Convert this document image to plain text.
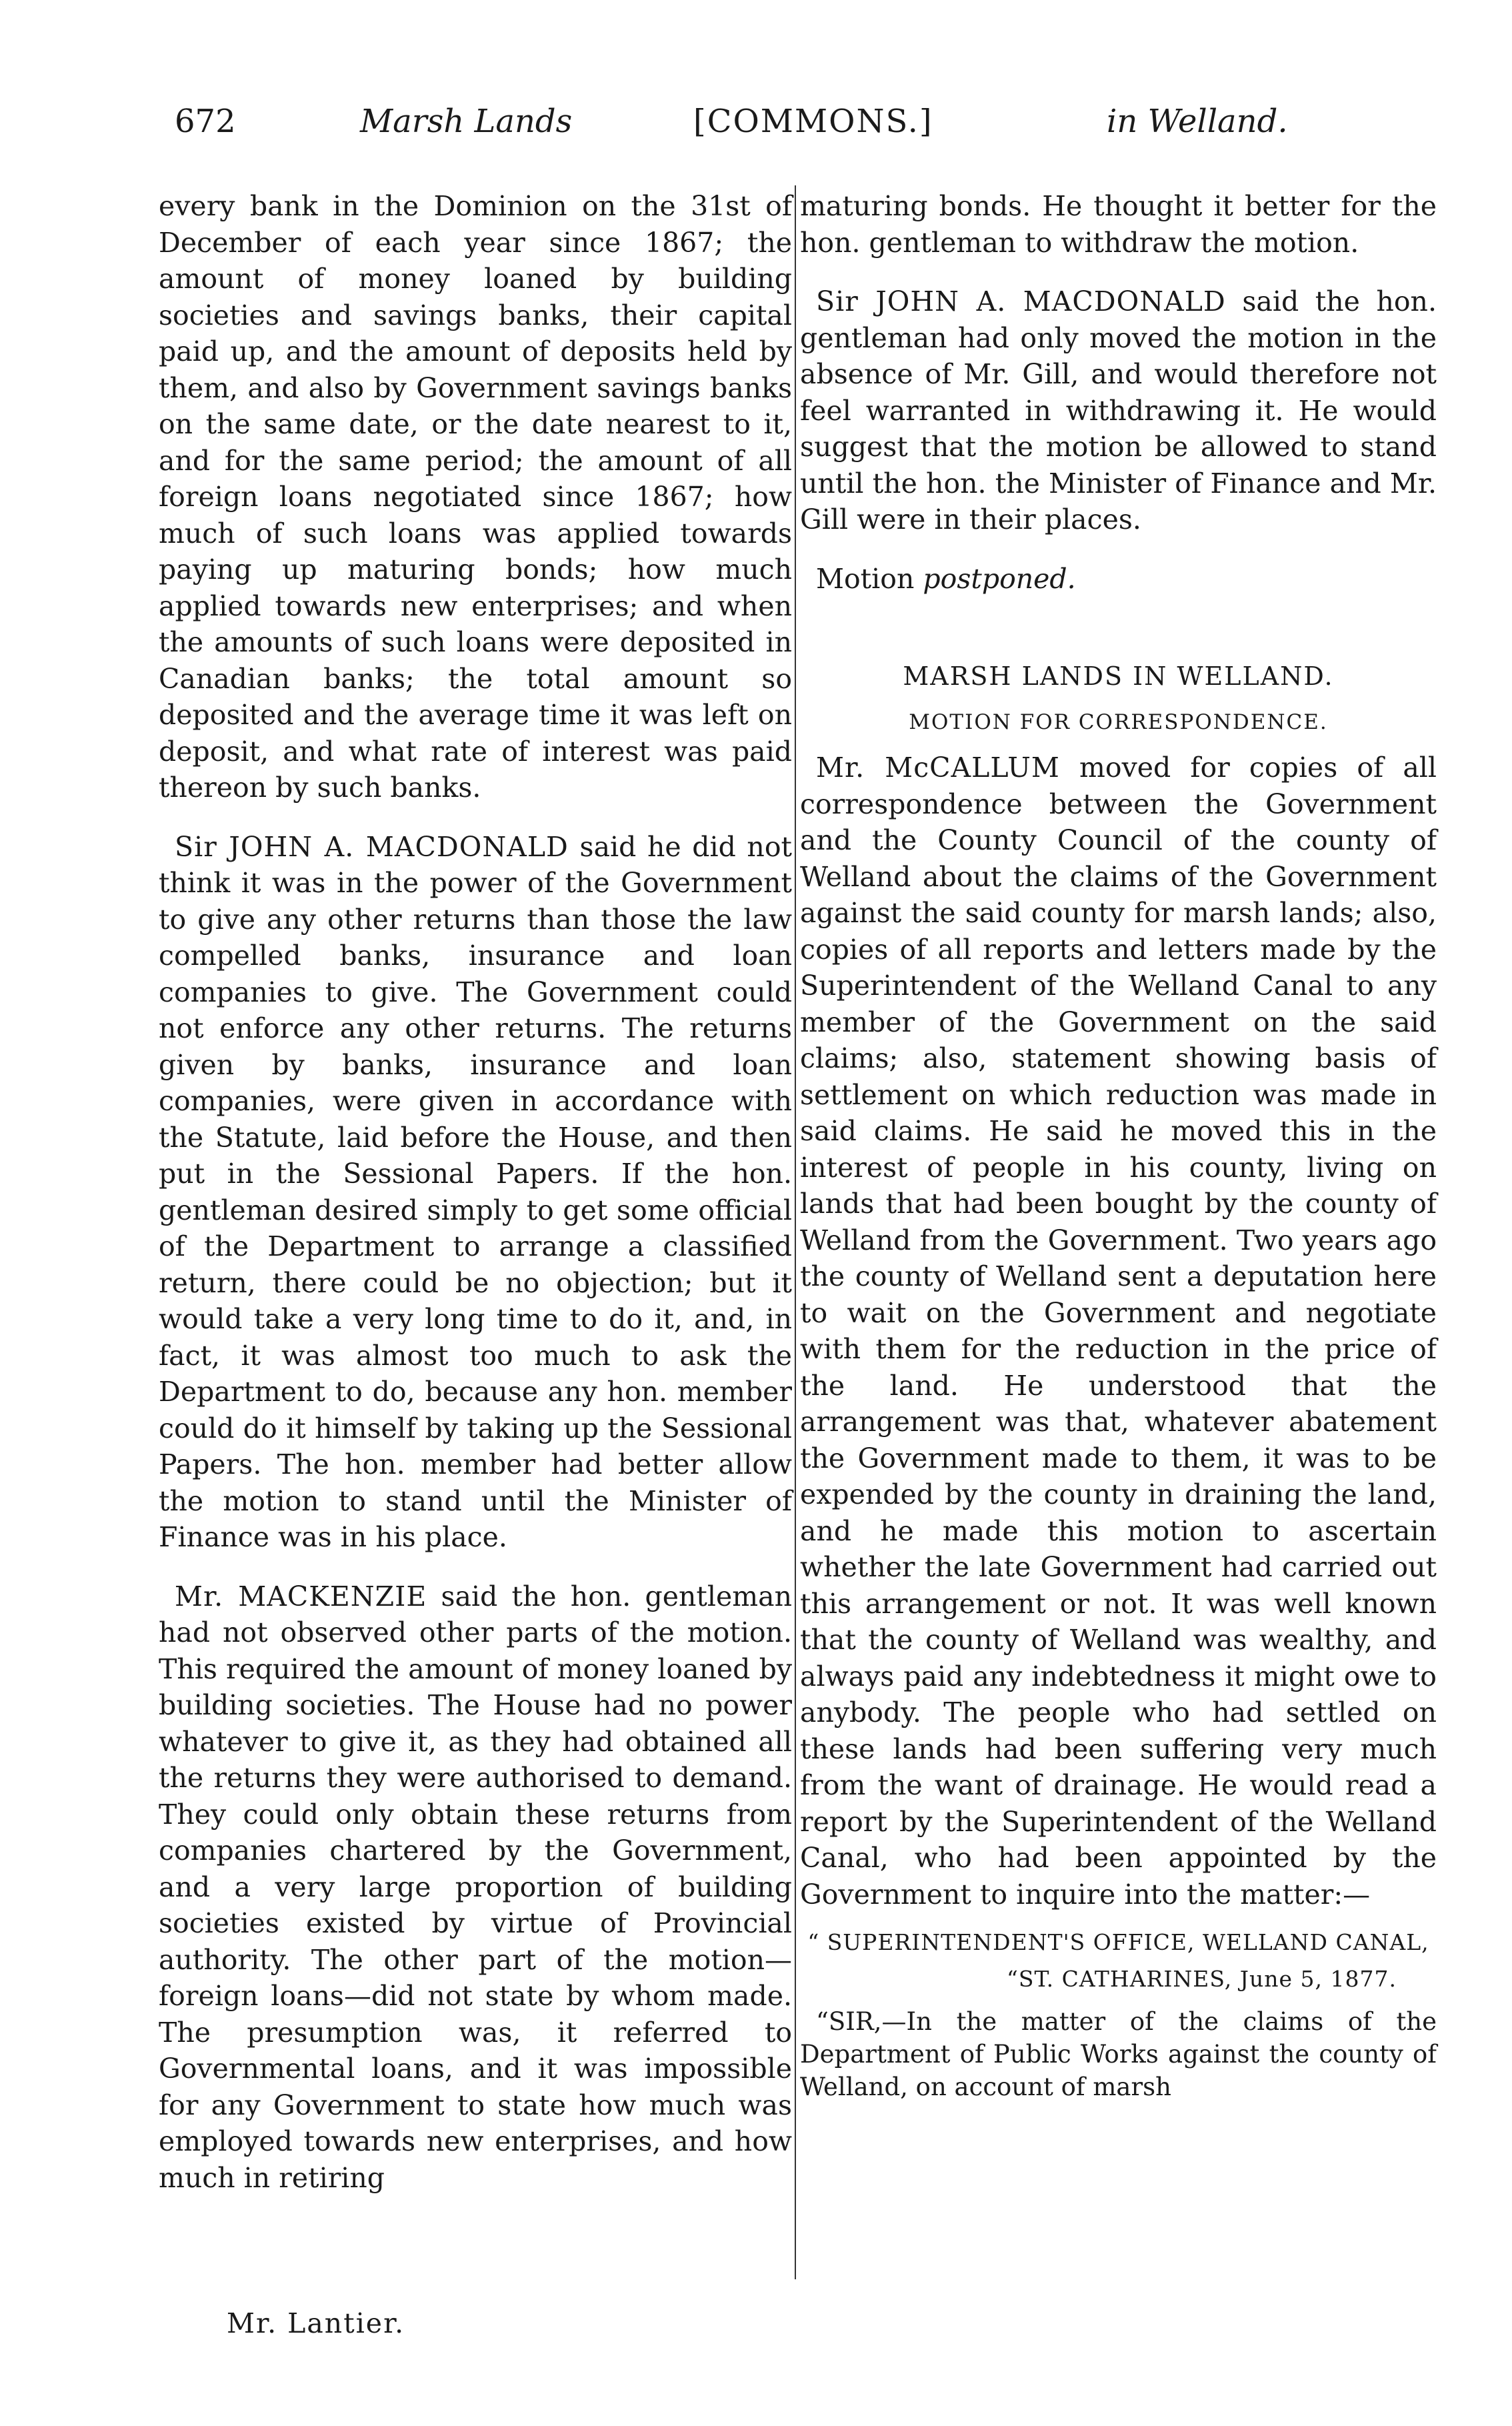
672	Marsh Lands	[COMMONS.]	in Welland.

every bank in the Dominion on the 31st of December of each year since 1867; the amount of money loaned by building societies and savings banks, their capital paid up, and the amount of deposits held by them, and also by Government savings banks on the same date, or the date nearest to it, and for the same period; the amount of all foreign loans negotiated since 1867; how much of such loans was applied towards paying up maturing bonds; how much applied towards new enterprises; and when the amounts of such loans were deposited in Canadian banks; the total amount so deposited and the average time it was left on deposit, and what rate of interest was paid thereon by such banks.

Sir JOHN A. MACDONALD said he did not think it was in the power of the Government to give any other returns than those the law compelled banks, insurance and loan companies to give. The Government could not enforce any other returns. The returns given by banks, insurance and loan companies, were given in accordance with the Statute, laid before the House, and then put in the Sessional Papers. If the hon. gentleman desired simply to get some official of the Department to arrange a classified return, there could be no objection; but it would take a very long time to do it, and, in fact, it was almost too much to ask the Department to do, because any hon. member could do it himself by taking up the Sessional Papers. The hon. member had better allow the motion to stand until the Minister of Finance was in his place.

Mr. MACKENZIE said the hon. gentleman had not observed other parts of the motion. This required the amount of money loaned by building societies. The House had no power whatever to give it, as they had obtained all the returns they were authorised to demand. They could only obtain these returns from companies chartered by the Government, and a very large proportion of building societies existed by virtue of Provincial authority. The other part of the motion—foreign loans—did not state by whom made. The presumption was, it referred to Governmental loans, and it was impossible for any Government to state how much was employed towards new enterprises, and how much in retiring

maturing bonds. He thought it better for the hon. gentleman to withdraw the motion.

Sir JOHN A. MACDONALD said the hon. gentleman had only moved the motion in the absence of Mr. Gill, and would therefore not feel warranted in withdrawing it. He would suggest that the motion be allowed to stand until the hon. the Minister of Finance and Mr. Gill were in their places.

Motion postponed.

MARSH LANDS IN WELLAND.

MOTION FOR CORRESPONDENCE.

Mr. McCALLUM moved for copies of all correspondence between the Government and the County Council of the county of Welland about the claims of the Government against the said county for marsh lands; also, copies of all reports and letters made by the Superintendent of the Welland Canal to any member of the Government on the said claims; also, statement showing basis of settlement on which reduction was made in said claims. He said he moved this in the interest of people in his county, living on lands that had been bought by the county of Welland from the Government. Two years ago the county of Welland sent a deputation here to wait on the Government and negotiate with them for the reduction in the price of the land. He understood that the arrangement was that, whatever abatement the Government made to them, it was to be expended by the county in draining the land, and he made this motion to ascertain whether the late Government had carried out this arrangement or not. It was well known that the county of Welland was wealthy, and always paid any indebtedness it might owe to anybody. The people who had settled on these lands had been suffering very much from the want of drainage. He would read a report by the Superintendent of the Welland Canal, who had been appointed by the Government to inquire into the matter:—

“ SUPERINTENDENT'S OFFICE, WELLAND CANAL,

“ST. CATHARINES, June 5, 1877.

“SIR,—In the matter of the claims of the Department of Public Works against the county of Welland, on account of marsh

Mr. Lantier.
